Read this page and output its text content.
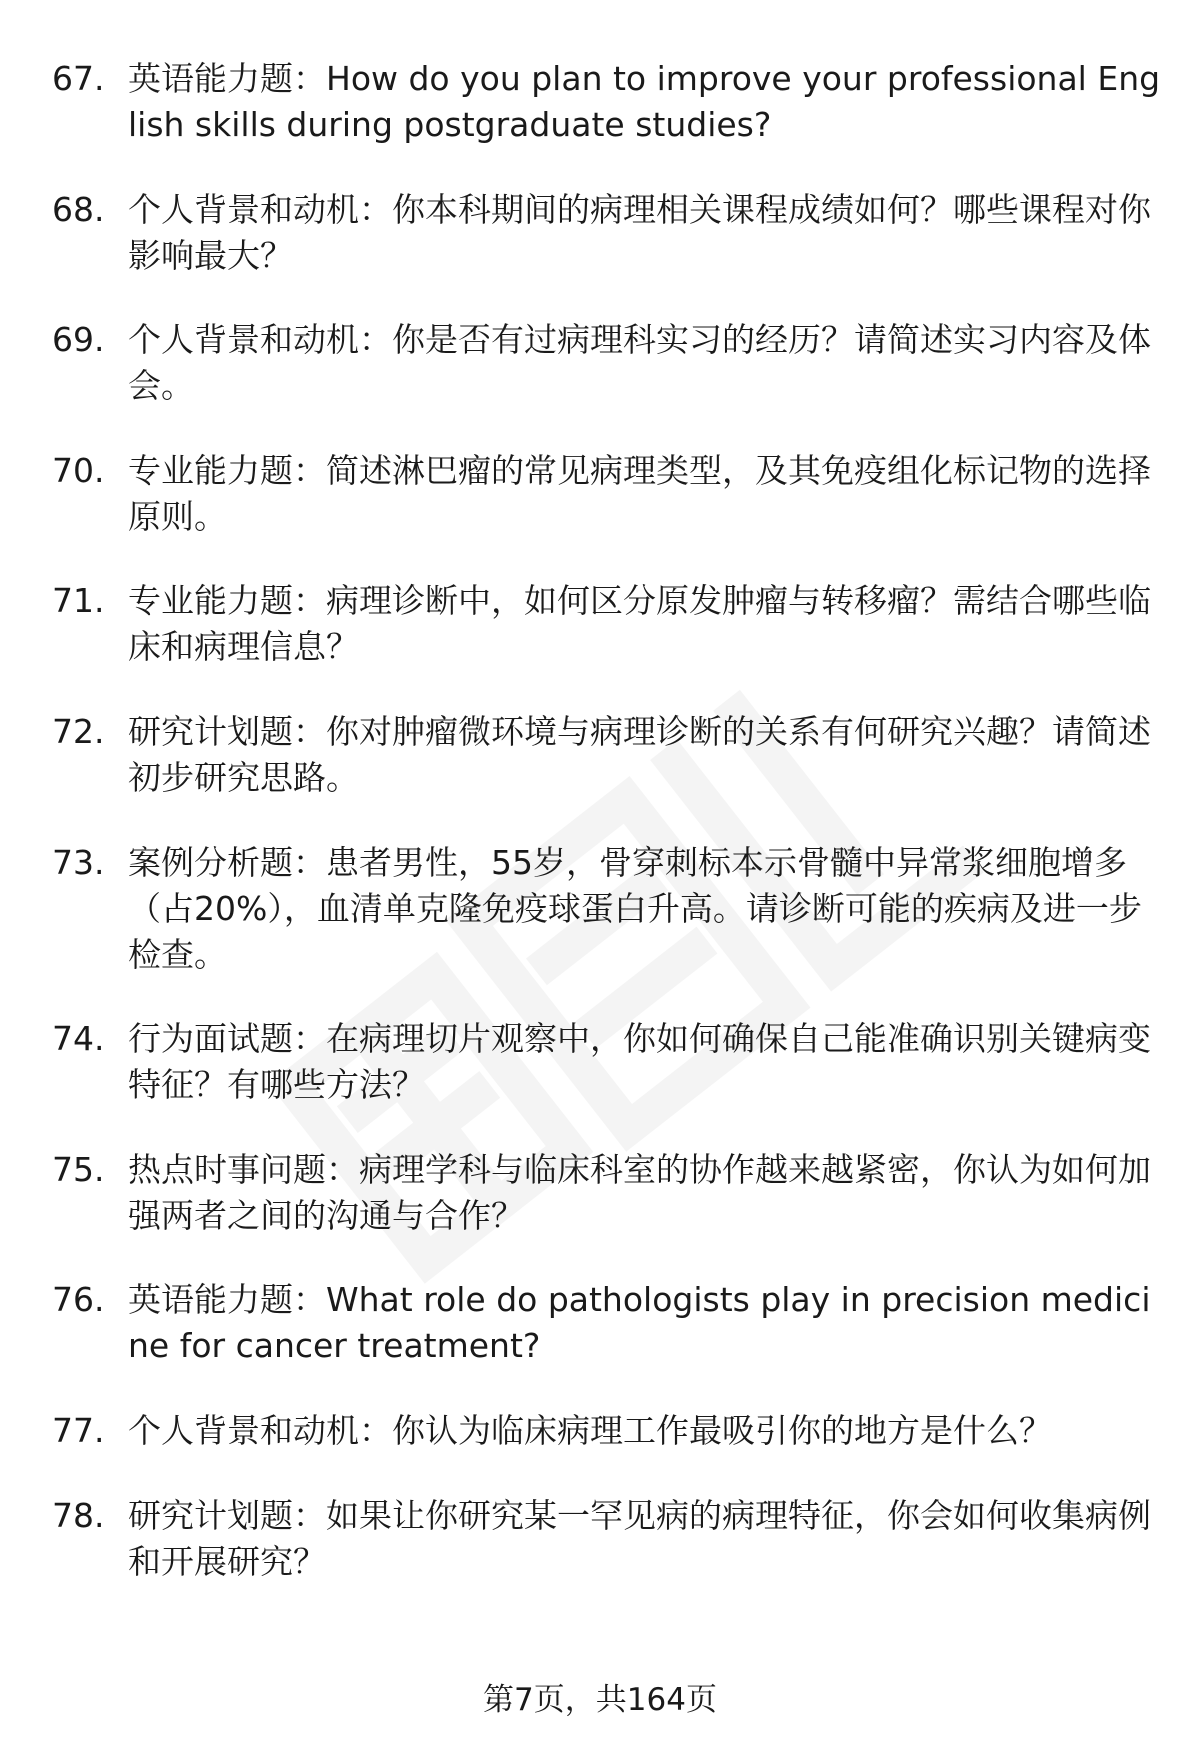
67. 英语能力题：How do you plan to improve your professional English skills during postgraduate studies?
68. 个人背景和动机：你本科期间的病理相关课程成绩如何？哪些课程对你影响最大？
69. 个人背景和动机：你是否有过病理科实习的经历？请简述实习内容及体会。
70. 专业能力题：简述淋巴瘤的常见病理类型，及其免疫组化标记物的选择原则。
71. 专业能力题：病理诊断中，如何区分原发肿瘤与转移瘤？需结合哪些临床和病理信息？
72. 研究计划题：你对肿瘤微环境与病理诊断的关系有何研究兴趣？请简述初步研究思路。
73. 案例分析题：患者男性，55岁，骨穿刺标本示骨髓中异常浆细胞增多（占20%），血清单克隆免疫球蛋白升高。请诊断可能的疾病及进一步检查。
74. 行为面试题：在病理切片观察中，你如何确保自己能准确识别关键病变特征？有哪些方法？
75. 热点时事问题：病理学科与临床科室的协作越来越紧密，你认为如何加强两者之间的沟通与合作？
76. 英语能力题：What role do pathologists play in precision medicine for cancer treatment?
77. 个人背景和动机：你认为临床病理工作最吸引你的地方是什么？
78. 研究计划题：如果让你研究某一罕见病的病理特征，你会如何收集病例和开展研究？
第7页，共164页
